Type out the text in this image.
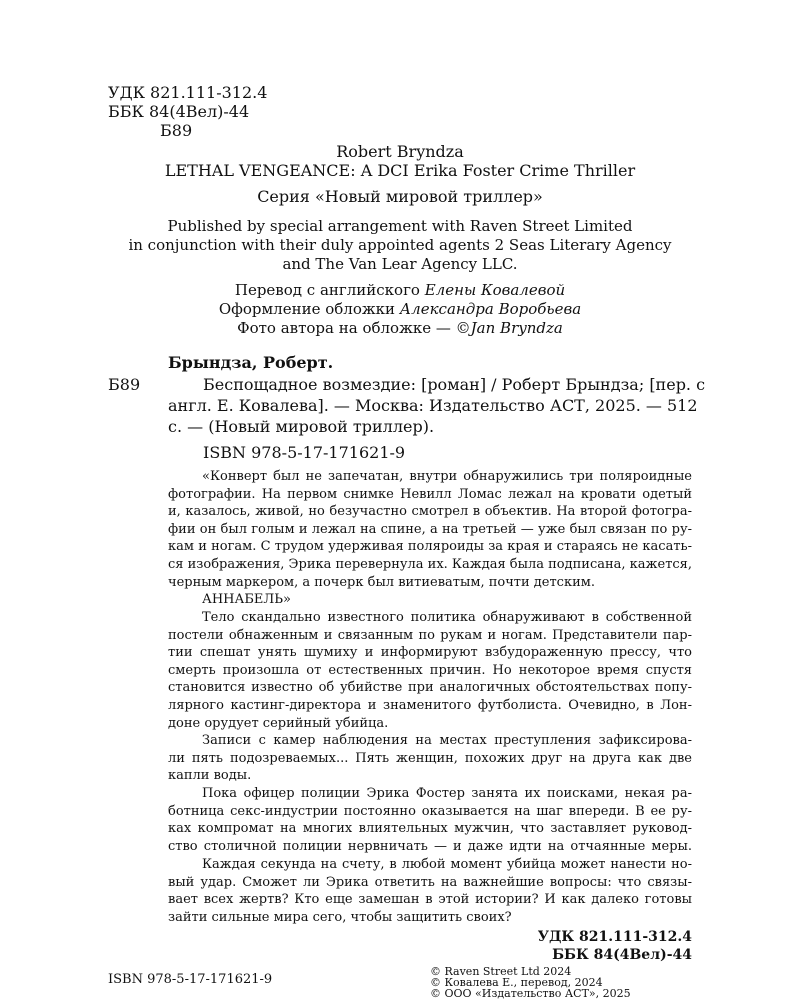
УДК 821.111-312.4
ББК 84(4Вел)-44
Б89
Robert Bryndza
LETHAL VENGEANCE: A DCI Erika Foster Crime Thriller
Серия «Новый мировой триллер»
Published by special arrangement with Raven Street Limited
in conjunction with their duly appointed agents 2 Seas Literary Agency
and The Van Lear Agency LLC.
Перевод с английского Елены Ковалевой
Оформление обложки Александра Воробьева
Фото автора на обложке — ©Jan Bryndza
Брындза, Роберт.
Б89	Беспощадное возмездие: [роман] / Роберт Брындза; [пер. с
англ. Е. Ковалева]. — Москва: Издательство АСТ, 2025. — 512
с. — (Новый мировой триллер).
ISBN 978-5-17-171621-9
«Конверт был не запечатан, внутри обнаружились три поляроидные
фотографии. На первом снимке Невилл Ломас лежал на кровати одетый
и, казалось, живой, но безучастно смотрел в объектив. На второй фотогра-
фии он был голым и лежал на спине, а на третьей — уже был связан по ру-
кам и ногам. С трудом удерживая поляроиды за края и стараясь не касать-
ся изображения, Эрика перевернула их. Каждая была подписана, кажется,
черным маркером, а почерк был витиеватым, почти детским.
АННАБЕЛЬ»
Тело скандально известного политика обнаруживают в собственной
постели обнаженным и связанным по рукам и ногам. Представители пар-
тии спешат унять шумиху и информируют взбудораженную прессу, что
смерть произошла от естественных причин. Но некоторое время спустя
становится известно об убийстве при аналогичных обстоятельствах попу-
лярного кастинг-директора и знаменитого футболиста. Очевидно, в Лон-
доне орудует серийный убийца.
Записи с камер наблюдения на местах преступления зафиксирова-
ли пять подозреваемых... Пять женщин, похожих друг на друга как две
капли воды.
Пока офицер полиции Эрика Фостер занята их поисками, некая ра-
ботница секс-индустрии постоянно оказывается на шаг впереди. В ее ру-
ках компромат на многих влиятельных мужчин, что заставляет руковод-
ство столичной полиции нервничать — и даже идти на отчаянные меры.
Каждая секунда на счету, в любой момент убийца может нанести но-
вый удар. Сможет ли Эрика ответить на важнейшие вопросы: что связы-
вает всех жертв? Кто еще замешан в этой истории? И как далеко готовы
зайти сильные мира сего, чтобы защитить своих?
УДК 821.111-312.4
ББК 84(4Вел)-44
ISBN 978-5-17-171621-9
© Raven Street Ltd 2024
© Ковалева Е., перевод, 2024
© ООО «Издательство АСТ», 2025
